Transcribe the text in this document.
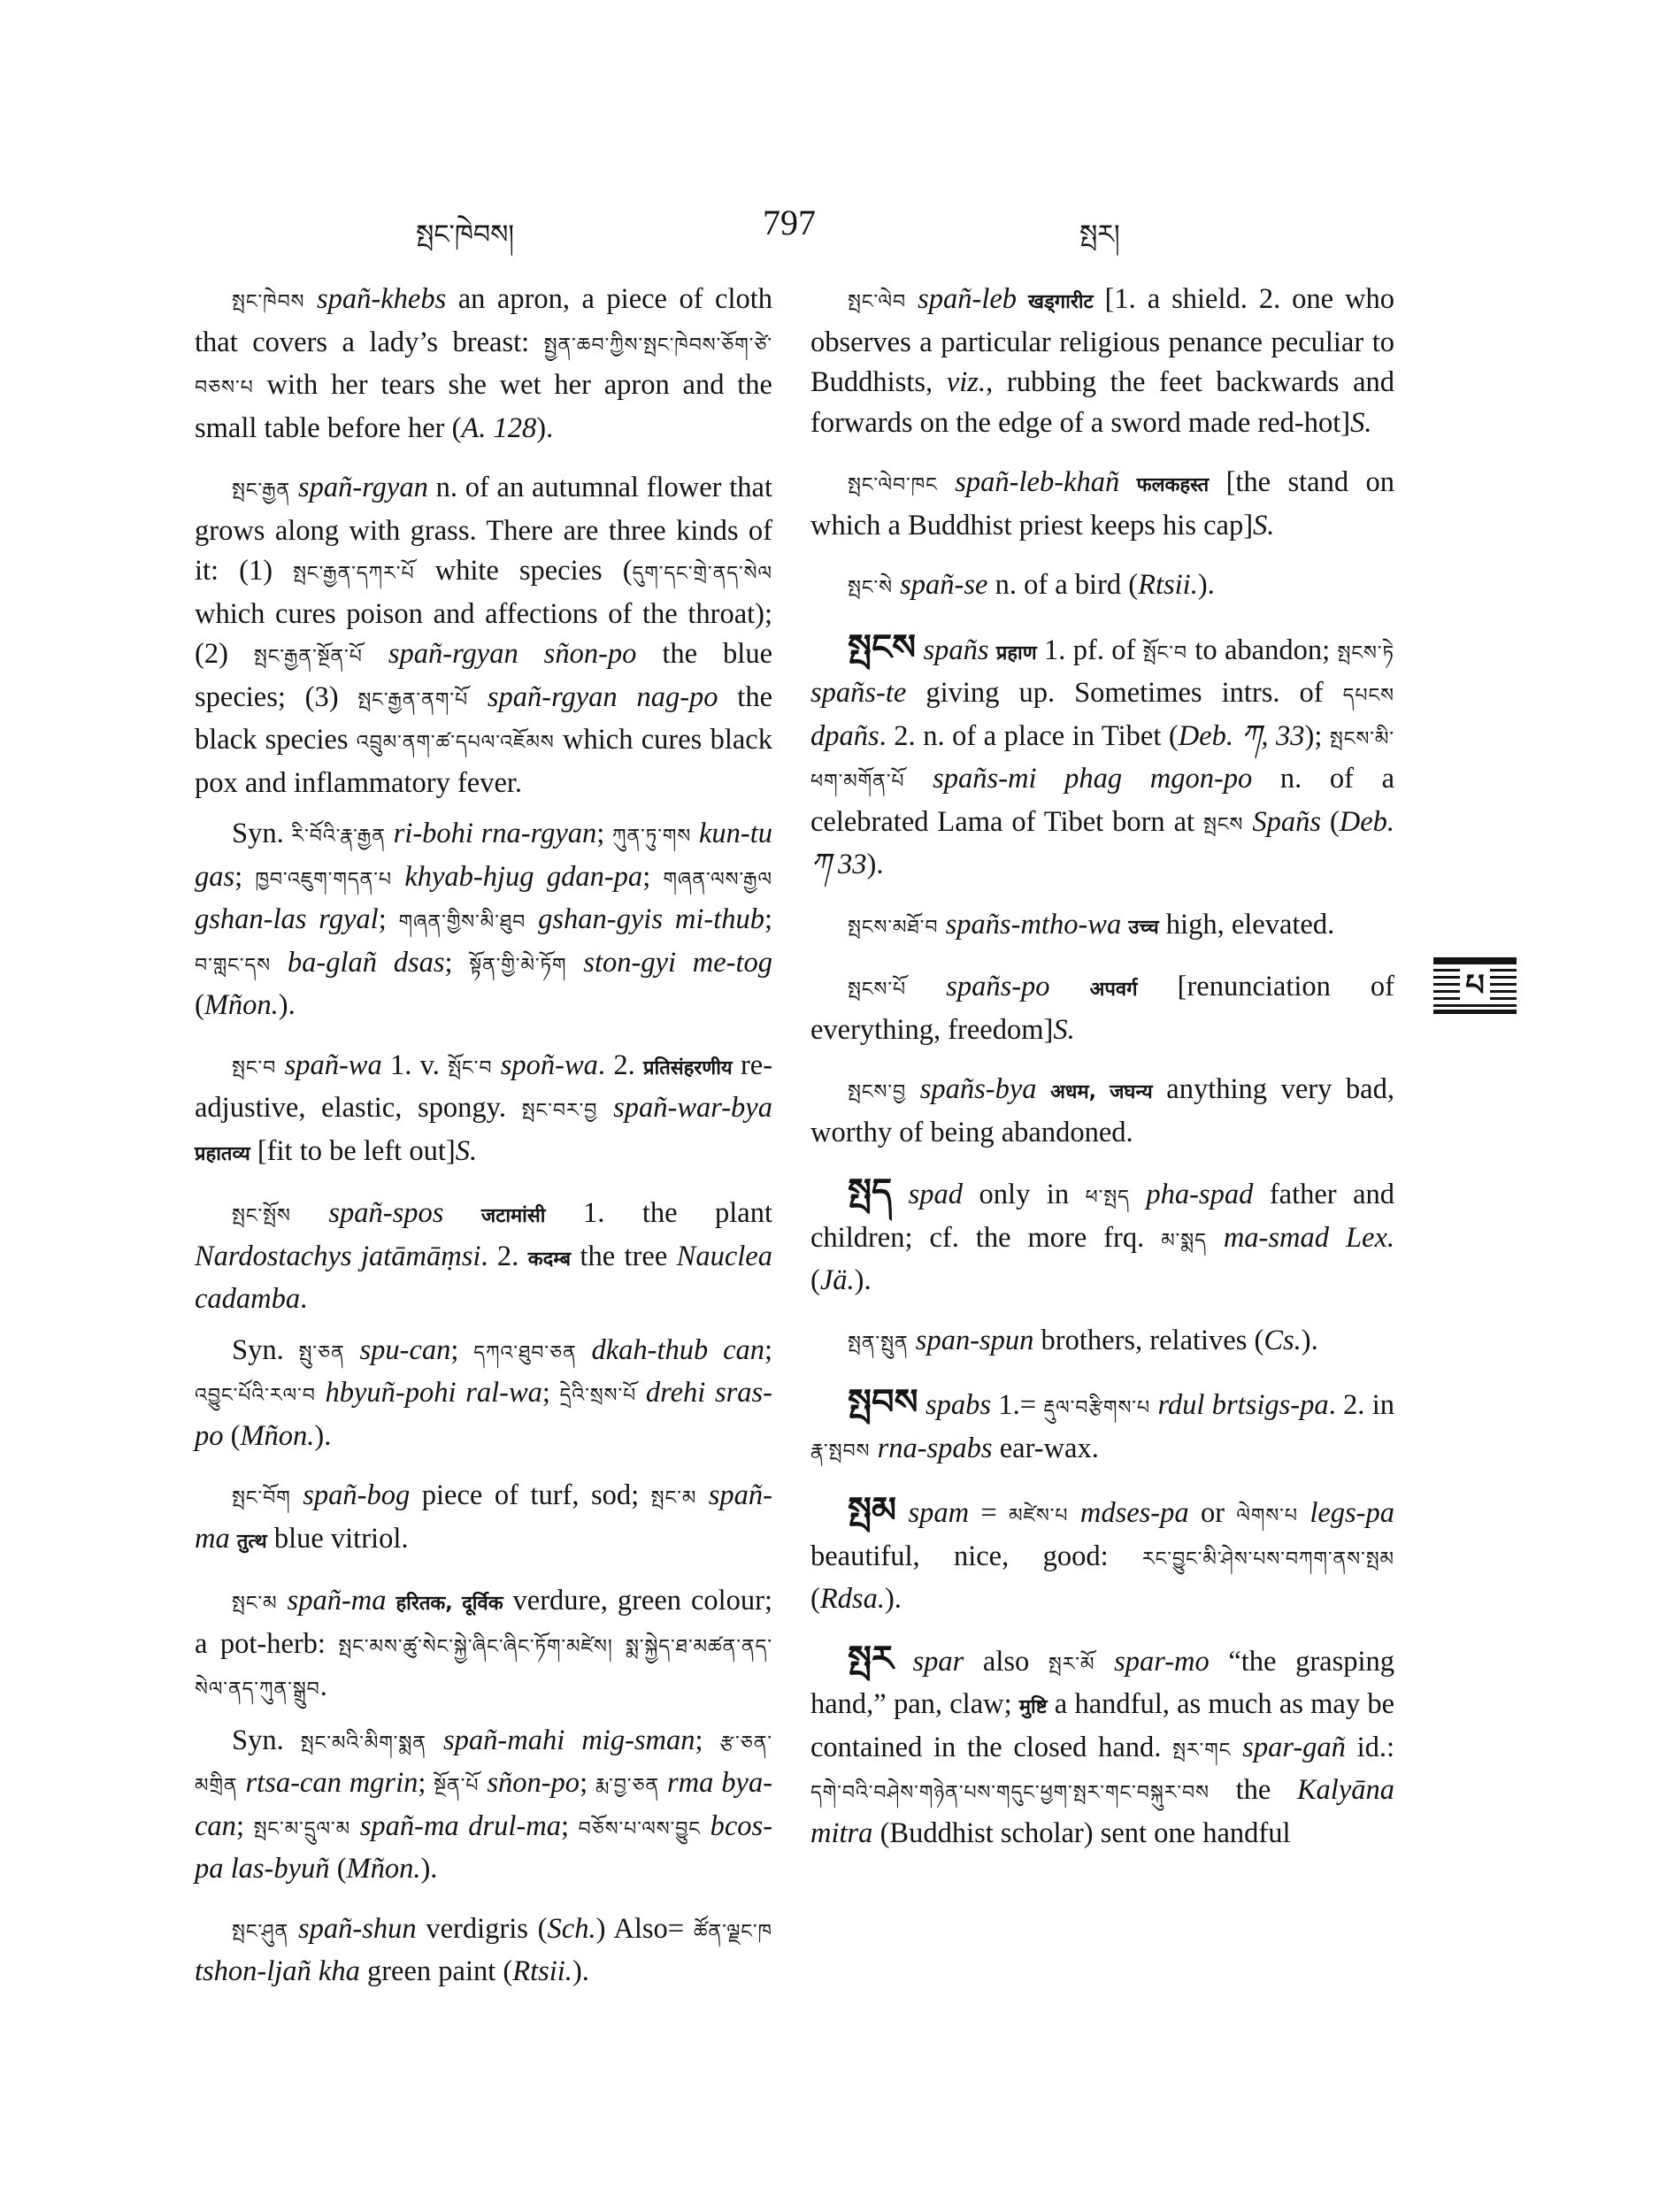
སྤང་ཁེབས།	797	སྤར།

སྤང་ཁེབས spañ-khebs an apron, a piece of cloth that covers a lady’s breast: སྤྱན་ཆབ་ཀྱིས་སྤང་ཁེབས་ཅོག་ཙེ་བཅས་པ with her tears she wet her apron and the small table before her (A. 128).

སྤང་རྒྱན spañ-rgyan n. of an autumnal flower that grows along with grass. There are three kinds of it: (1) སྤང་རྒྱན་དཀར་པོ white species (དུག་དང་གྲེ་ནད་སེལ which cures poison and affections of the throat); (2) སྤང་རྒྱན་སྔོན་པོ spañ-rgyan sñon-po the blue species; (3) སྤང་རྒྱན་ནག་པོ spañ-rgyan nag-po the black species འབྲུམ་ནག་ཚ་དཔལ་འཇོམས which cures black pox and inflammatory fever.

Syn. རི་བོའི་རྣ་རྒྱན ri-bohi rna-rgyan; ཀུན་ཏུ་གས kun-tu gas; ཁྱབ་འཇུག་གདན་པ khyab-hjug gdan-pa; གཞན་ལས་རྒྱལ gshan-las rgyal; གཞན་གྱིས་མི་ཐུབ gshan-gyis mi-thub; བ་གླང་དས ba-glañ dsas; སྟོན་གྱི་མེ་ཏོག ston-gyi me-tog (Mñon.).

སྤང་བ spañ-wa 1. v. སྤོང་བ spoñ-wa. 2. प्रतिसंहरणीय re-adjustive, elastic, spongy. སྤང་བར་བྱ spañ-war-bya प्रहातव्य [fit to be left out]S.

སྤང་སྤོས spañ-spos जटामांसी 1. the plant Nardostachys jatāmāṃsi. 2. कदम्ब the tree Nauclea cadamba.

Syn. སྤུ་ཅན spu-can; དཀའ་ཐུབ་ཅན dkah-thub can; འབྱུང་པོའི་རལ་བ hbyuñ-pohi ral-wa; དྲེའི་སྲས་པོ drehi sras-po (Mñon.).

སྤང་བོག spañ-bog piece of turf, sod; སྤང་མ spañ-ma तुत्थ blue vitriol.

སྤང་མ spañ-ma हरितक, दूर्विक verdure, green colour; a pot-herb: སྤང་མས་ཚུ་སེང་སྐྱེ་ཞིང་ཞིང་ཏོག་མཛེས། སྨ་སྐྱེད་ཐ་མཚན་ནད་སེལ་ནད་ཀུན་སྒྲུབ.

Syn. སྤང་མའི་མིག་སྨན spañ-mahi mig-sman; རྩ་ཅན་མགྲིན rtsa-can mgrin; སྔོན་པོ sñon-po; རྨ་བྱ་ཅན rma bya-can; སྤང་མ་དྲུལ་མ spañ-ma drul-ma; བཅོས་པ་ལས་བྱུང bcos-pa las-byuñ (Mñon.).

སྤང་ཤུན spañ-shun verdigris (Sch.) Also= ཚོན་ལྗང་ཁ tshon-ljañ kha green paint (Rtsii.).

སྤང་ལེབ spañ-leb खड्गारीट [1. a shield. 2. one who observes a particular religious penance peculiar to Buddhists, viz., rubbing the feet backwards and forwards on the edge of a sword made red-hot]S.

སྤང་ལེབ་ཁང spañ-leb-khañ फलकहस्त [the stand on which a Buddhist priest keeps his cap]S.

སྤང་སེ spañ-se n. of a bird (Rtsii.).

སྤངས spañs प्रहाण 1. pf. of སྤོང་བ to abandon; སྤངས་ཏེ spañs-te giving up. Sometimes intrs. of དཔངས dpañs. 2. n. of a place in Tibet (Deb. ཀ, 33); སྤངས་མི་ཕག་མགོན་པོ spañs-mi phag mgon-po n. of a celebrated Lama of Tibet born at སྤངས Spañs (Deb. ཀ 33).

སྤངས་མཐོ་བ spañs-mtho-wa उच्च high, elevated.

སྤངས་པོ spañs-po अपवर्ग [renunciation of everything, freedom]S.

སྤངས་བྱ spañs-bya अधम, जघन्य anything very bad, worthy of being abandoned.

སྤད spad only in ཕ་སྤད pha-spad father and children; cf. the more frq. མ་སྨད ma-smad Lex. (Jä.).

སྤན་སྤུན span-spun brothers, relatives (Cs.).

སྤབས spabs 1.= རྡུལ་བརྩིགས་པ rdul brtsigs-pa. 2. in རྣ་སྤབས rna-spabs ear-wax.

སྤམ spam = མཛེས་པ mdses-pa or ལེགས་པ legs-pa beautiful, nice, good: རང་བྱུང་མི་ཤེས་པས་བཀག་ནས་སྤམ (Rdsa.).

སྤར spar also སྤར་མོ spar-mo “the grasping hand,” pan, claw; मुष्टि a handful, as much as may be contained in the closed hand. སྤར་གང spar-gañ id.: དགེ་བའི་བཤེས་གཉེན་པས་གདུང་ཕྱག་སྤར་གང་བསྐུར་བས the Kalyāna mitra (Buddhist scholar) sent one handful

པ
